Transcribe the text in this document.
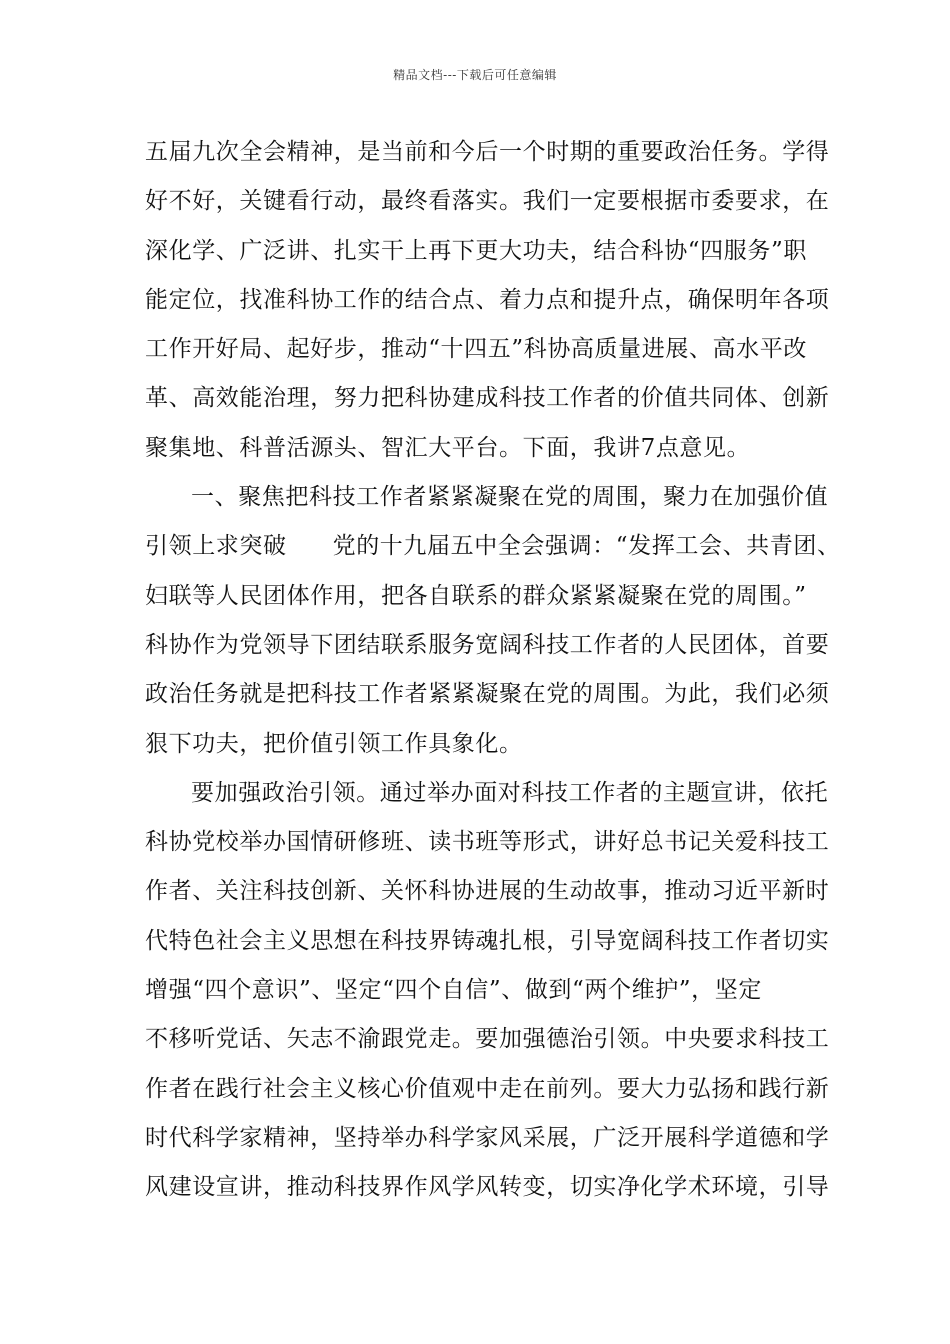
精品文档---下载后可任意编辑
五届九次全会精神，是当前和今后一个时期的重要政治任务。学得
好不好，关键看行动，最终看落实。我们一定要根据市委要求，在
深化学、广泛讲、扎实干上再下更大功夫，结合科协“四服务”职
能定位，找准科协工作的结合点、着力点和提升点，确保明年各项
工作开好局、起好步，推动“十四五”科协高质量进展、高水平改
革、高效能治理，努力把科协建成科技工作者的价值共同体、创新
聚集地、科普活源头、智汇大平台。下面，我讲7点意见。
一、聚焦把科技工作者紧紧凝聚在党的周围，聚力在加强价值
引领上求突破 党的十九届五中全会强调：“发挥工会、共青团、
妇联等人民团体作用，把各自联系的群众紧紧凝聚在党的周围。”
科协作为党领导下团结联系服务宽阔科技工作者的人民团体，首要
政治任务就是把科技工作者紧紧凝聚在党的周围。为此，我们必须
狠下功夫，把价值引领工作具象化。
要加强政治引领。通过举办面对科技工作者的主题宣讲，依托
科协党校举办国情研修班、读书班等形式，讲好总书记关爱科技工
作者、关注科技创新、关怀科协进展的生动故事，推动习近平新时
代特色社会主义思想在科技界铸魂扎根，引导宽阔科技工作者切实
增强“四个意识”、坚定“四个自信”、做到“两个维护”，坚定
不移听党话、矢志不渝跟党走。要加强德治引领。中央要求科技工
作者在践行社会主义核心价值观中走在前列。要大力弘扬和践行新
时代科学家精神，坚持举办科学家风采展，广泛开展科学道德和学
风建设宣讲，推动科技界作风学风转变，切实净化学术环境，引导
